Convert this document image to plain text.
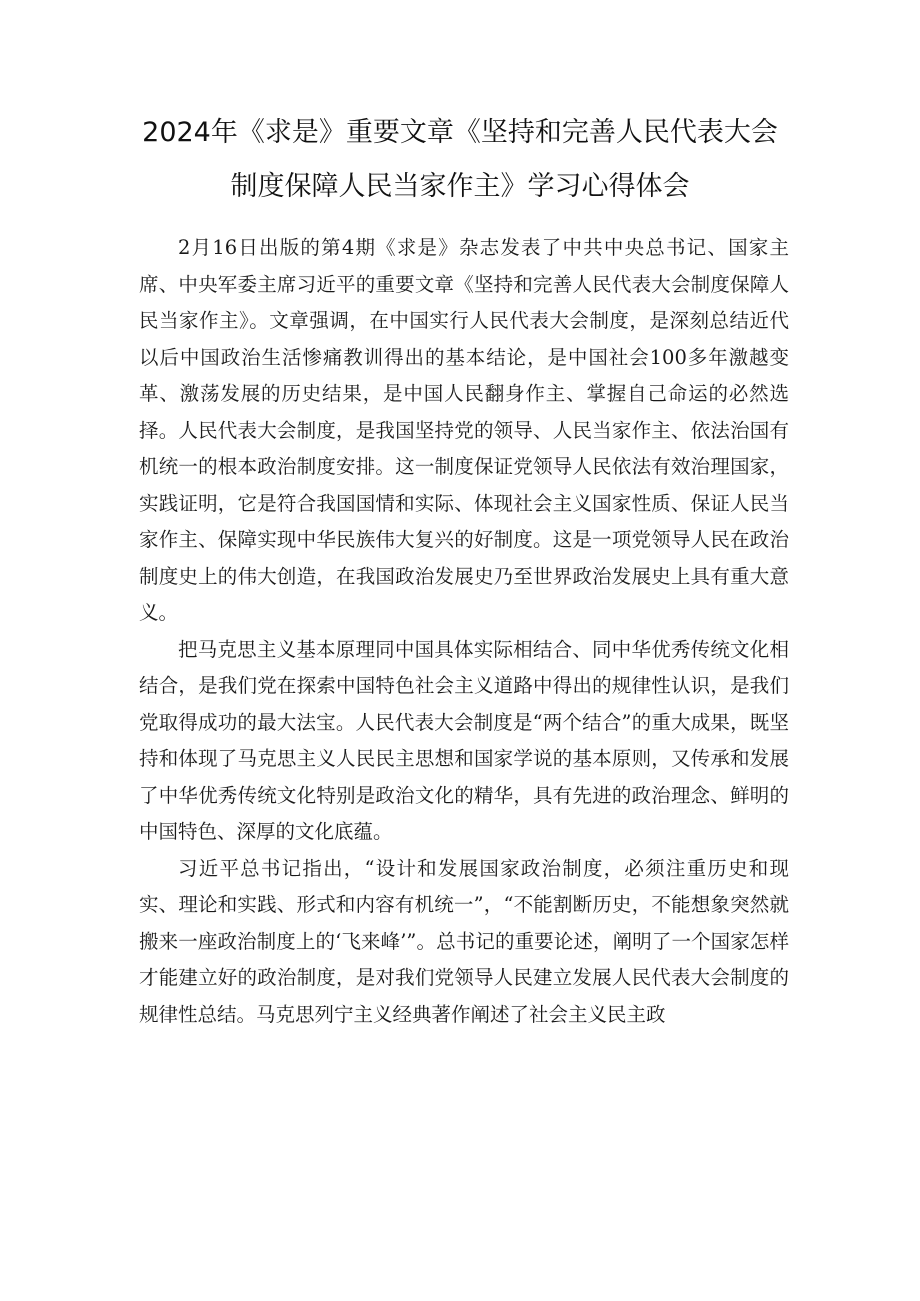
2024年《求是》重要文章《坚持和完善人民代表大会
制度保障人民当家作主》学习心得体会

2月16日出版的第4期《求是》杂志发表了中共中央总书记、国家主席、中央军委主席习近平的重要文章《坚持和完善人民代表大会制度保障人民当家作主》。文章强调，在中国实行人民代表大会制度，是深刻总结近代以后中国政治生活惨痛教训得出的基本结论，是中国社会100多年激越变革、激荡发展的历史结果，是中国人民翻身作主、掌握自己命运的必然选择。人民代表大会制度，是我国坚持党的领导、人民当家作主、依法治国有机统一的根本政治制度安排。这一制度保证党领导人民依法有效治理国家，实践证明，它是符合我国国情和实际、体现社会主义国家性质、保证人民当家作主、保障实现中华民族伟大复兴的好制度。这是一项党领导人民在政治制度史上的伟大创造，在我国政治发展史乃至世界政治发展史上具有重大意义。

把马克思主义基本原理同中国具体实际相结合、同中华优秀传统文化相结合，是我们党在探索中国特色社会主义道路中得出的规律性认识，是我们党取得成功的最大法宝。人民代表大会制度是“两个结合”的重大成果，既坚持和体现了马克思主义人民民主思想和国家学说的基本原则，又传承和发展了中华优秀传统文化特别是政治文化的精华，具有先进的政治理念、鲜明的中国特色、深厚的文化底蕴。

习近平总书记指出，“设计和发展国家政治制度，必须注重历史和现实、理论和实践、形式和内容有机统一”，“不能割断历史，不能想象突然就搬来一座政治制度上的‘飞来峰’”。总书记的重要论述，阐明了一个国家怎样才能建立好的政治制度，是对我们党领导人民建立发展人民代表大会制度的规律性总结。马克思列宁主义经典著作阐述了社会主义民主政
